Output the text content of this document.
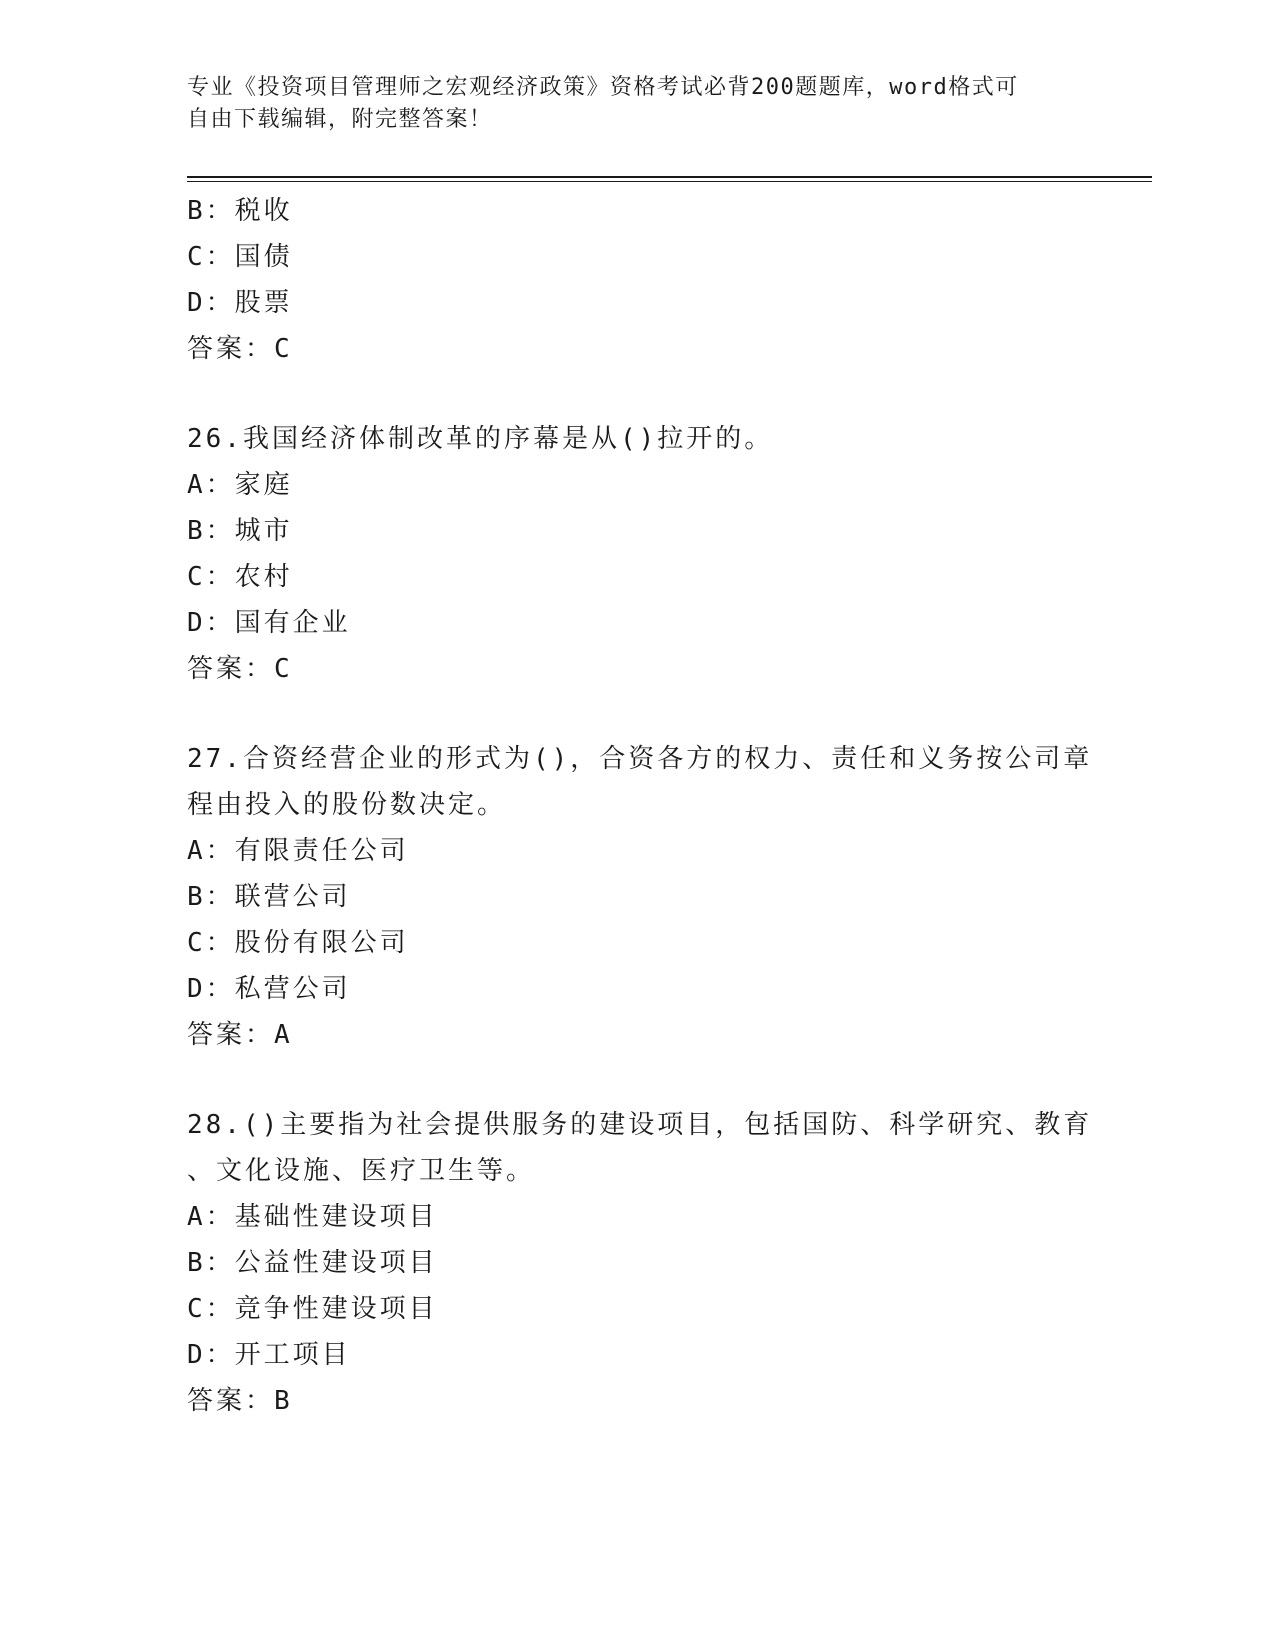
专业《投资项目管理师之宏观经济政策》资格考试必背200题题库，word格式可
自由下载编辑，附完整答案！
B：税收
C：国债
D：股票
答案：C
26.我国经济体制改革的序幕是从()拉开的。
A：家庭
B：城市
C：农村
D：国有企业
答案：C
27.合资经营企业的形式为()，合资各方的权力、责任和义务按公司章
程由投入的股份数决定。
A：有限责任公司
B：联营公司
C：股份有限公司
D：私营公司
答案：A
28.()主要指为社会提供服务的建设项目，包括国防、科学研究、教育
、文化设施、医疗卫生等。
A：基础性建设项目
B：公益性建设项目
C：竞争性建设项目
D：开工项目
答案：B
